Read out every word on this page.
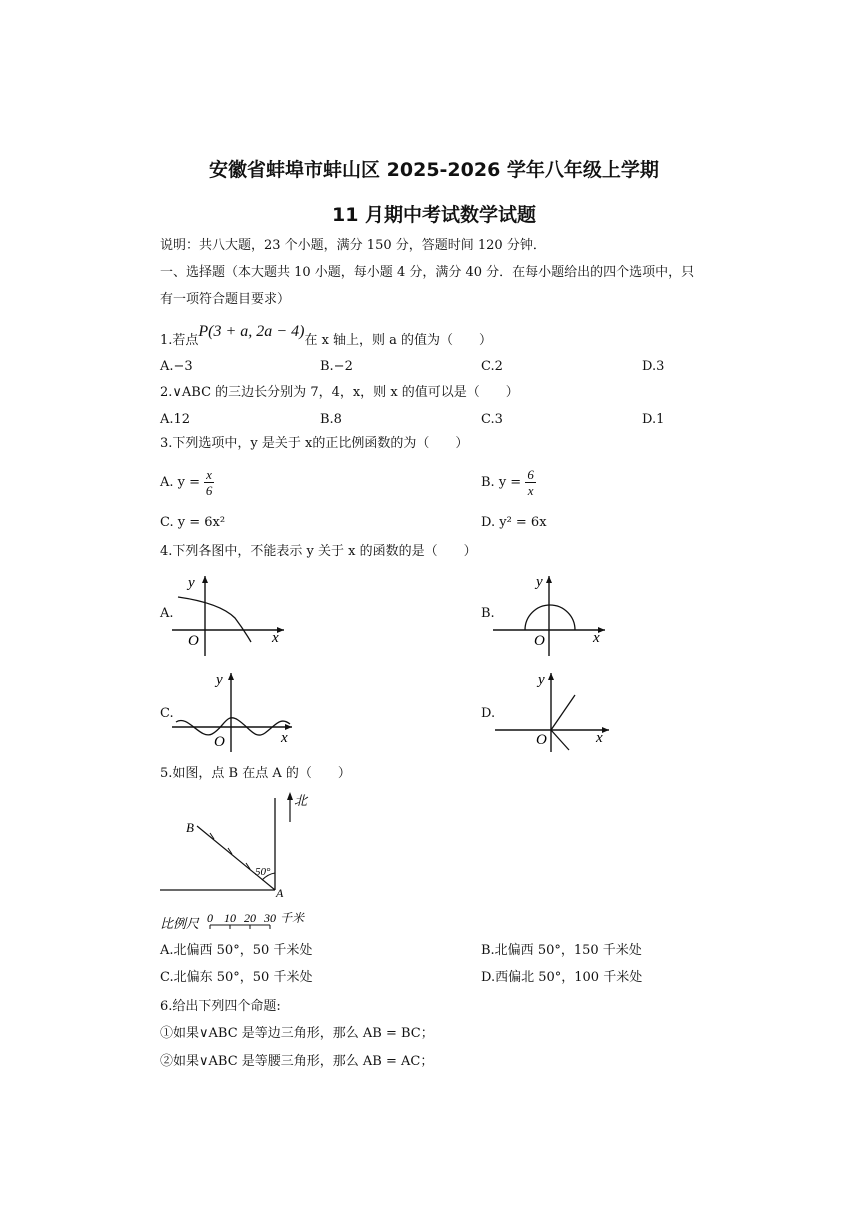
安徽省蚌埠市蚌山区 2025-2026 学年八年级上学期
11 月期中考试数学试题
说明：共八大题，23 个小题，满分 150 分，答题时间 120 分钟．
一、选择题（本大题共 10 小题，每小题 4 分，满分 40 分．在每小题给出的四个选项中，只
有一项符合题目要求）
1.若点P(3 + a, 2a − 4)在 x 轴上，则 a 的值为（　　）
A.−3	B.−2	C.2	D.3
2.∨ABC 的三边长分别为 7，4，x，则 x 的值可以是（　　）
A.12	B.8	C.3	D.1
3.下列选项中，y 是关于 x的正比例函数的为（　　）
A. $y = \frac{x}{6}$	B. $y = \frac{6}{x}$
C. y = 6x²	D. y² = 6x
4.下列各图中，不能表示 y 关于 x 的函数的是（　　）
A.	B.
C.	D.
y
x
O
y
x
O
y
x
O
y
x
O
5.如图，点 B 在点 A 的（　　）
北
B
A
50°
比例尺 0 10 20 30 千米
A.北偏西 50°，50 千米处	B.北偏西 50°，150 千米处
C.北偏东 50°，50 千米处	D.西偏北 50°，100 千米处
6.给出下列四个命题:
①如果∨ABC 是等边三角形，那么 AB = BC；
②如果∨ABC 是等腰三角形，那么 AB = AC；
